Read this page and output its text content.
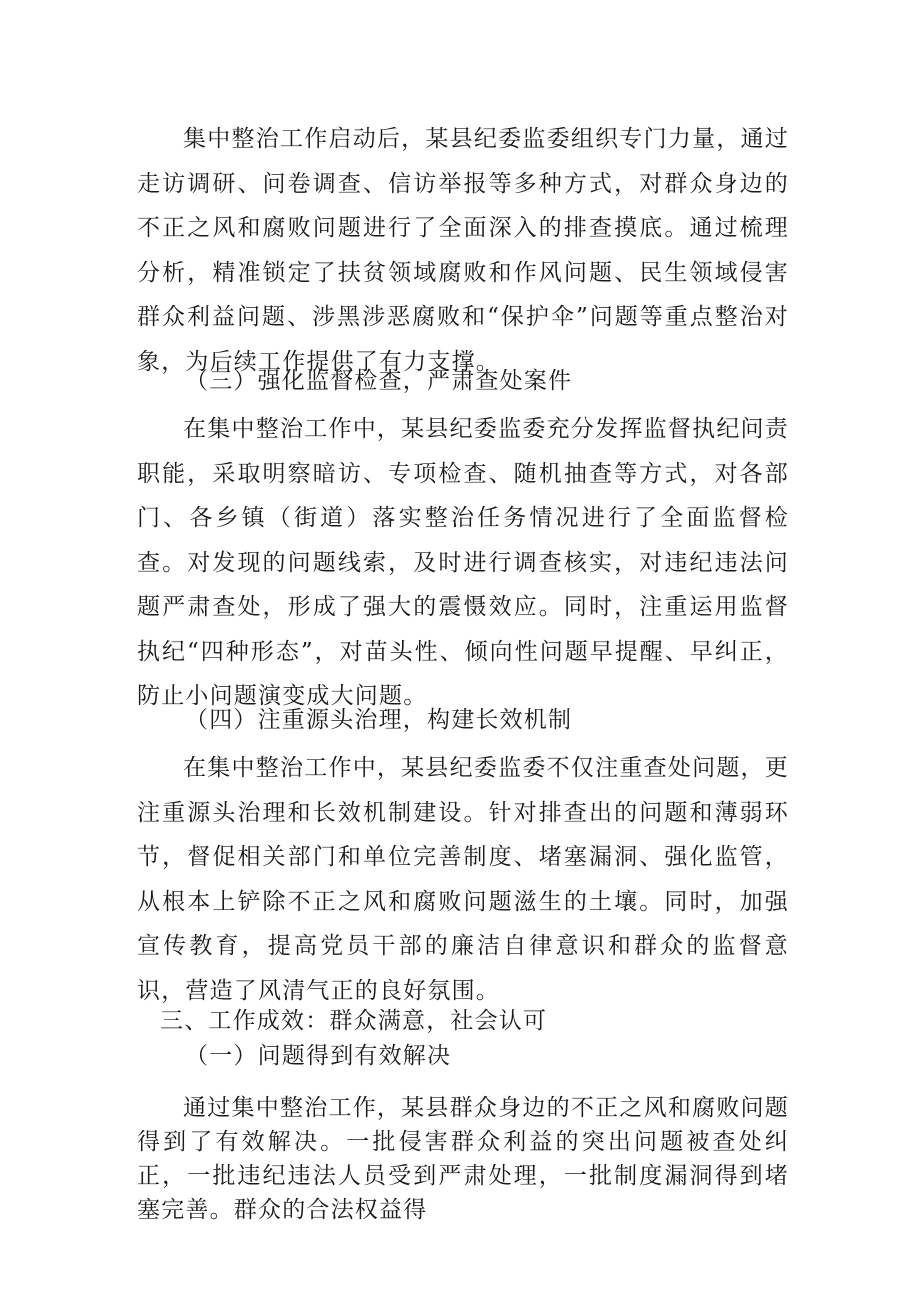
集中整治工作启动后，某县纪委监委组织专门力量，通过走访调研、问卷调查、信访举报等多种方式，对群众身边的不正之风和腐败问题进行了全面深入的排查摸底。通过梳理分析，精准锁定了扶贫领域腐败和作风问题、民生领域侵害群众利益问题、涉黑涉恶腐败和“保护伞”问题等重点整治对象，为后续工作提供了有力支撑。

（三）强化监督检查，严肃查处案件

在集中整治工作中，某县纪委监委充分发挥监督执纪问责职能，采取明察暗访、专项检查、随机抽查等方式，对各部门、各乡镇（街道）落实整治任务情况进行了全面监督检查。对发现的问题线索，及时进行调查核实，对违纪违法问题严肃查处，形成了强大的震慑效应。同时，注重运用监督执纪“四种形态”，对苗头性、倾向性问题早提醒、早纠正，防止小问题演变成大问题。

（四）注重源头治理，构建长效机制

在集中整治工作中，某县纪委监委不仅注重查处问题，更注重源头治理和长效机制建设。针对排查出的问题和薄弱环节，督促相关部门和单位完善制度、堵塞漏洞、强化监管，从根本上铲除不正之风和腐败问题滋生的土壤。同时，加强宣传教育，提高党员干部的廉洁自律意识和群众的监督意识，营造了风清气正的良好氛围。

三、工作成效：群众满意，社会认可

（一）问题得到有效解决

通过集中整治工作，某县群众身边的不正之风和腐败问题得到了有效解决。一批侵害群众利益的突出问题被查处纠正，一批违纪违法人员受到严肃处理，一批制度漏洞得到堵塞完善。群众的合法权益得
